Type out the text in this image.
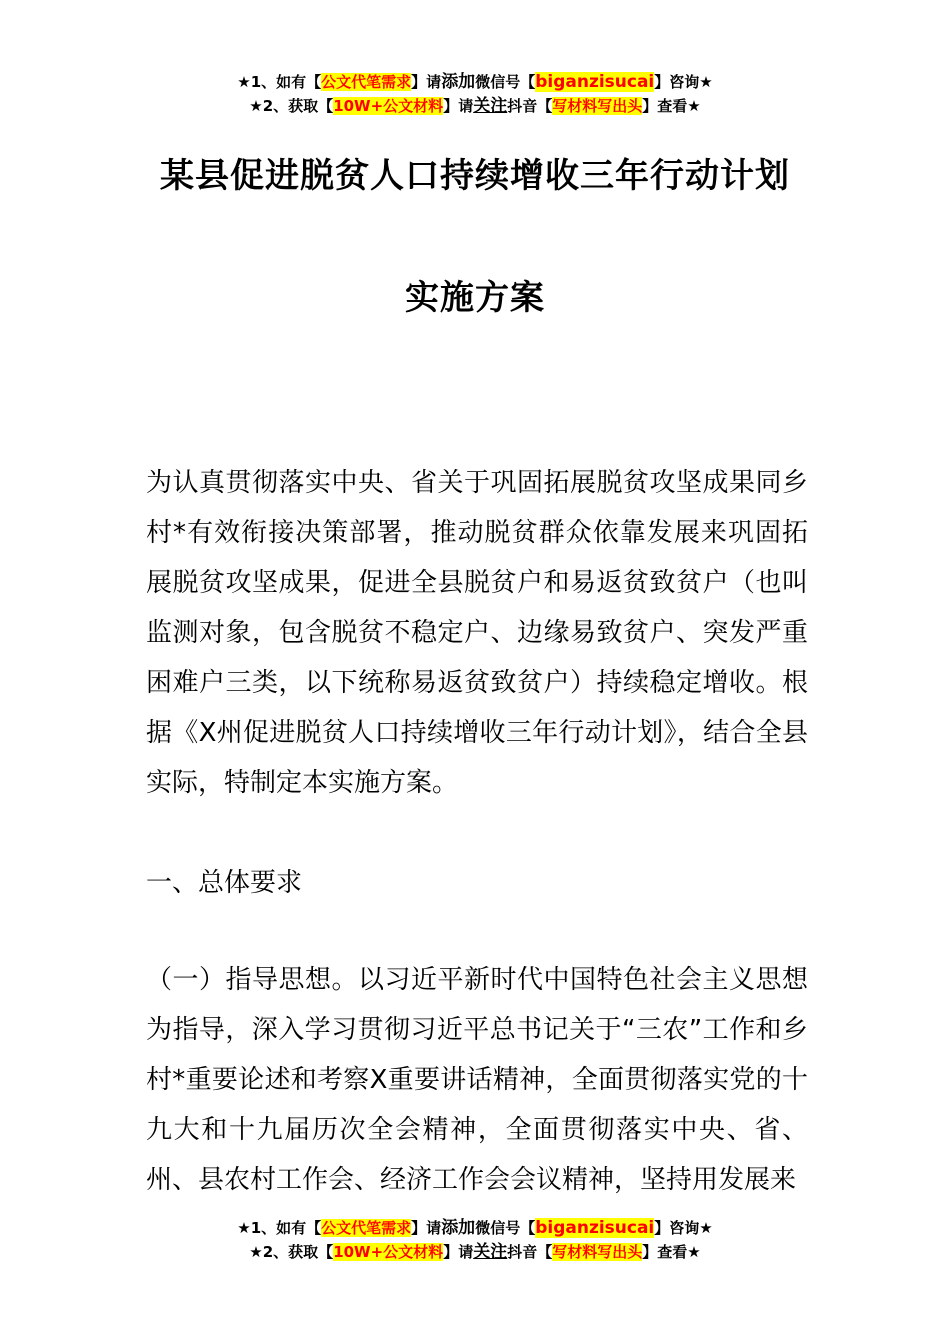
★1、如有【公文代笔需求】请添加微信号【biganzisucai】咨询★
★2、获取【10W+公文材料】请关注抖音【写材料写出头】查看★
某县促进脱贫人口持续增收三年行动计划
实施方案
为认真贯彻落实中央、省关于巩固拓展脱贫攻坚成果同乡村*有效衔接决策部署，推动脱贫群众依靠发展来巩固拓展脱贫攻坚成果，促进全县脱贫户和易返贫致贫户（也叫监测对象，包含脱贫不稳定户、边缘易致贫户、突发严重困难户三类，以下统称易返贫致贫户）持续稳定增收。根据《X州促进脱贫人口持续增收三年行动计划》，结合全县实际，特制定本实施方案。
一、总体要求
（一）指导思想。以习近平新时代中国特色社会主义思想为指导，深入学习贯彻习近平总书记关于“三农”工作和乡村*重要论述和考察X重要讲话精神，全面贯彻落实党的十九大和十九届历次全会精神，全面贯彻落实中央、省、州、县农村工作会、经济工作会会议精神，坚持用发展来
★1、如有【公文代笔需求】请添加微信号【biganzisucai】咨询★
★2、获取【10W+公文材料】请关注抖音【写材料写出头】查看★
